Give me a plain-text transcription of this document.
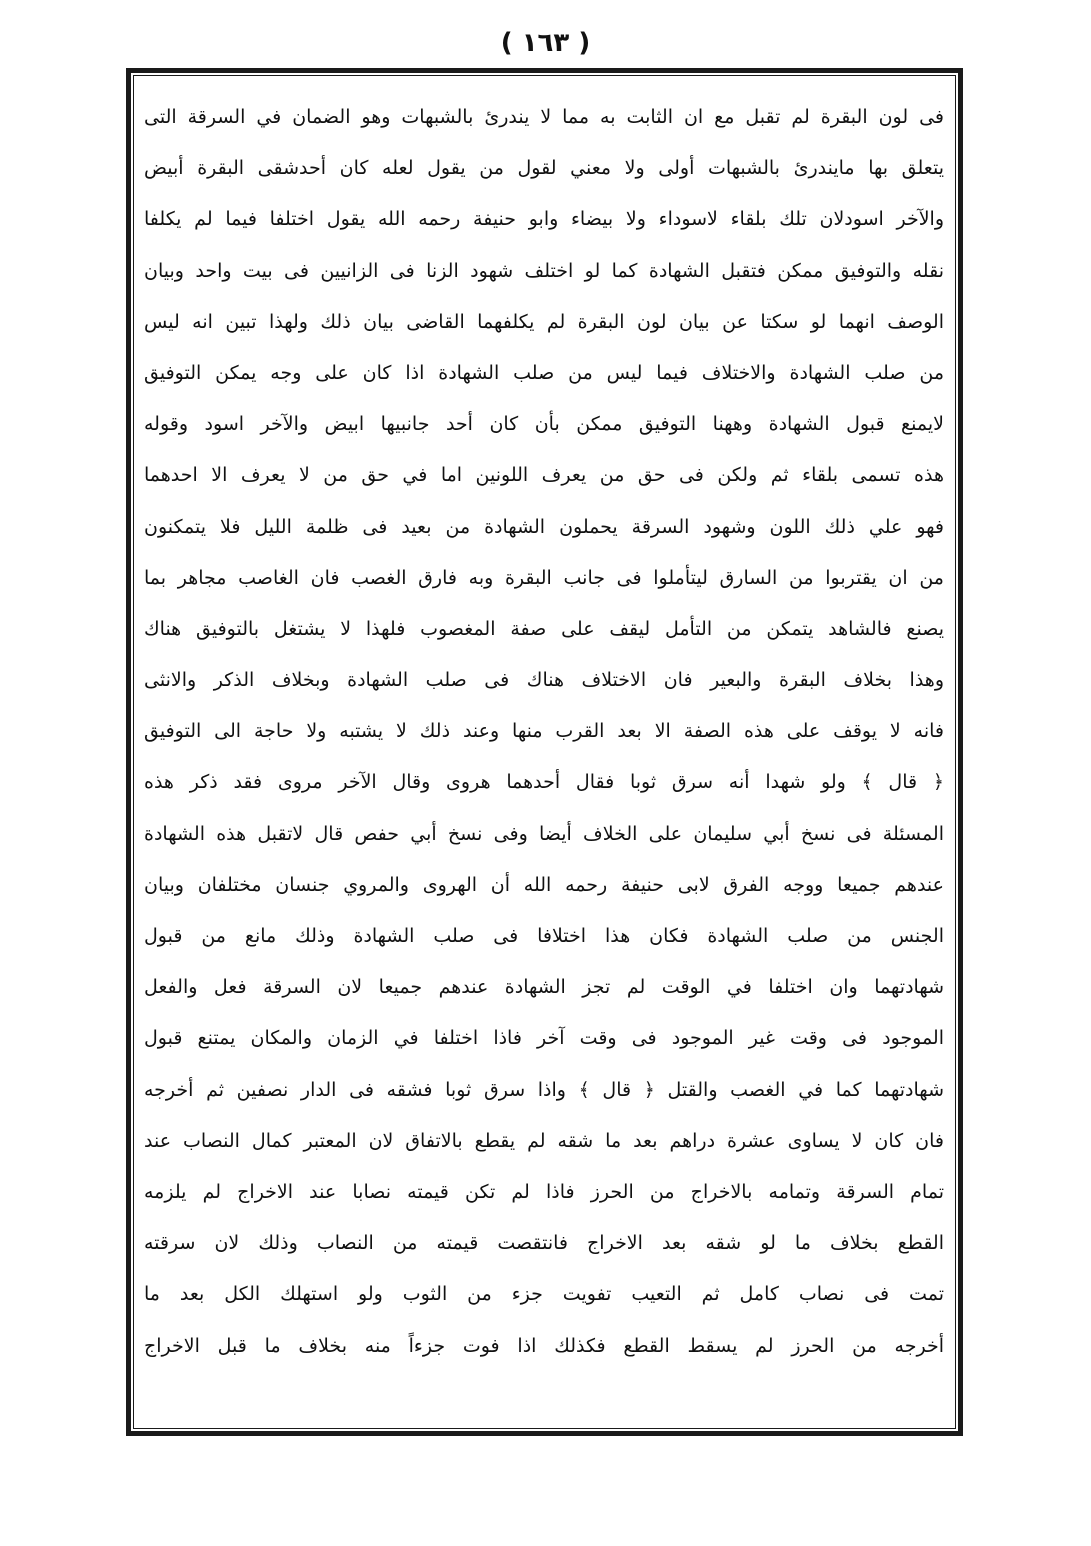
( ١٦٣ )
فى لون البقرة لم تقبل مع ان الثابت به مما لا يندرئ بالشبهات وهو الضمان في السرقة التى
يتعلق بها مايندرئ بالشبهات أولى ولا معني لقول من يقول لعله كان أحدشقى البقرة أبيض
والآخر اسودلان تلك بلقاء لاسوداء ولا بيضاء وابو حنيفة رحمه الله يقول اختلفا فيما لم يكلفا
نقله والتوفيق ممكن فتقبل الشهادة كما لو اختلف شهود الزنا فى الزانيين فى بيت واحد وبيان
الوصف انهما لو سكتا عن بيان لون البقرة لم يكلفهما القاضى بيان ذلك ولهذا تبين انه ليس
من صلب الشهادة والاختلاف فيما ليس من صلب الشهادة اذا كان على وجه يمكن التوفيق
لايمنع قبول الشهادة وههنا التوفيق ممكن بأن كان أحد جانبيها ابيض والآخر اسود وقوله
هذه تسمى بلقاء ثم ولكن فى حق من يعرف اللونين اما في حق من لا يعرف الا احدهما
فهو علي ذلك اللون وشهود السرقة يحملون الشهادة من بعيد فى ظلمة الليل فلا يتمكنون
من ان يقتربوا من السارق ليتأملوا فى جانب البقرة وبه فارق الغصب فان الغاصب مجاهر بما
يصنع فالشاهد يتمكن من التأمل ليقف على صفة المغصوب فلهذا لا يشتغل بالتوفيق هناك
وهذا بخلاف البقرة والبعير فان الاختلاف هناك فى صلب الشهادة وبخلاف الذكر والانثى
فانه لا يوقف على هذه الصفة الا بعد القرب منها وعند ذلك لا يشتبه ولا حاجة الى التوفيق
﴿ قال ﴾ ولو شهدا أنه سرق ثوبا فقال أحدهما هروى وقال الآخر مروى فقد ذكر هذه
المسئلة فى نسخ أبي سليمان على الخلاف أيضا وفى نسخ أبي حفص قال لاتقبل هذه الشهادة
عندهم جميعا ووجه الفرق لابى حنيفة رحمه الله أن الهروى والمروي جنسان مختلفان وبيان
الجنس من صلب الشهادة فكان هذا اختلافا فى صلب الشهادة وذلك مانع من قبول
شهادتهما وان اختلفا في الوقت لم تجز الشهادة عندهم جميعا لان السرقة فعل والفعل
الموجود فى وقت غير الموجود فى وقت آخر فاذا اختلفا في الزمان والمكان يمتنع قبول
شهادتهما كما في الغصب والقتل ﴿ قال ﴾ واذا سرق ثوبا فشقه فى الدار نصفين ثم أخرجه
فان كان لا يساوى عشرة دراهم بعد ما شقه لم يقطع بالاتفاق لان المعتبر كمال النصاب عند
تمام السرقة وتمامه بالاخراج من الحرز فاذا لم تكن قيمته نصابا عند الاخراج لم يلزمه
القطع بخلاف ما لو شقه بعد الاخراج فانتقصت قيمته من النصاب وذلك لان سرقته
تمت فى نصاب كامل ثم التعيب تفويت جزء من الثوب ولو استهلك الكل بعد ما
أخرجه من الحرز لم يسقط القطع فكذلك اذا فوت جزءاً منه بخلاف ما قبل الاخراج
